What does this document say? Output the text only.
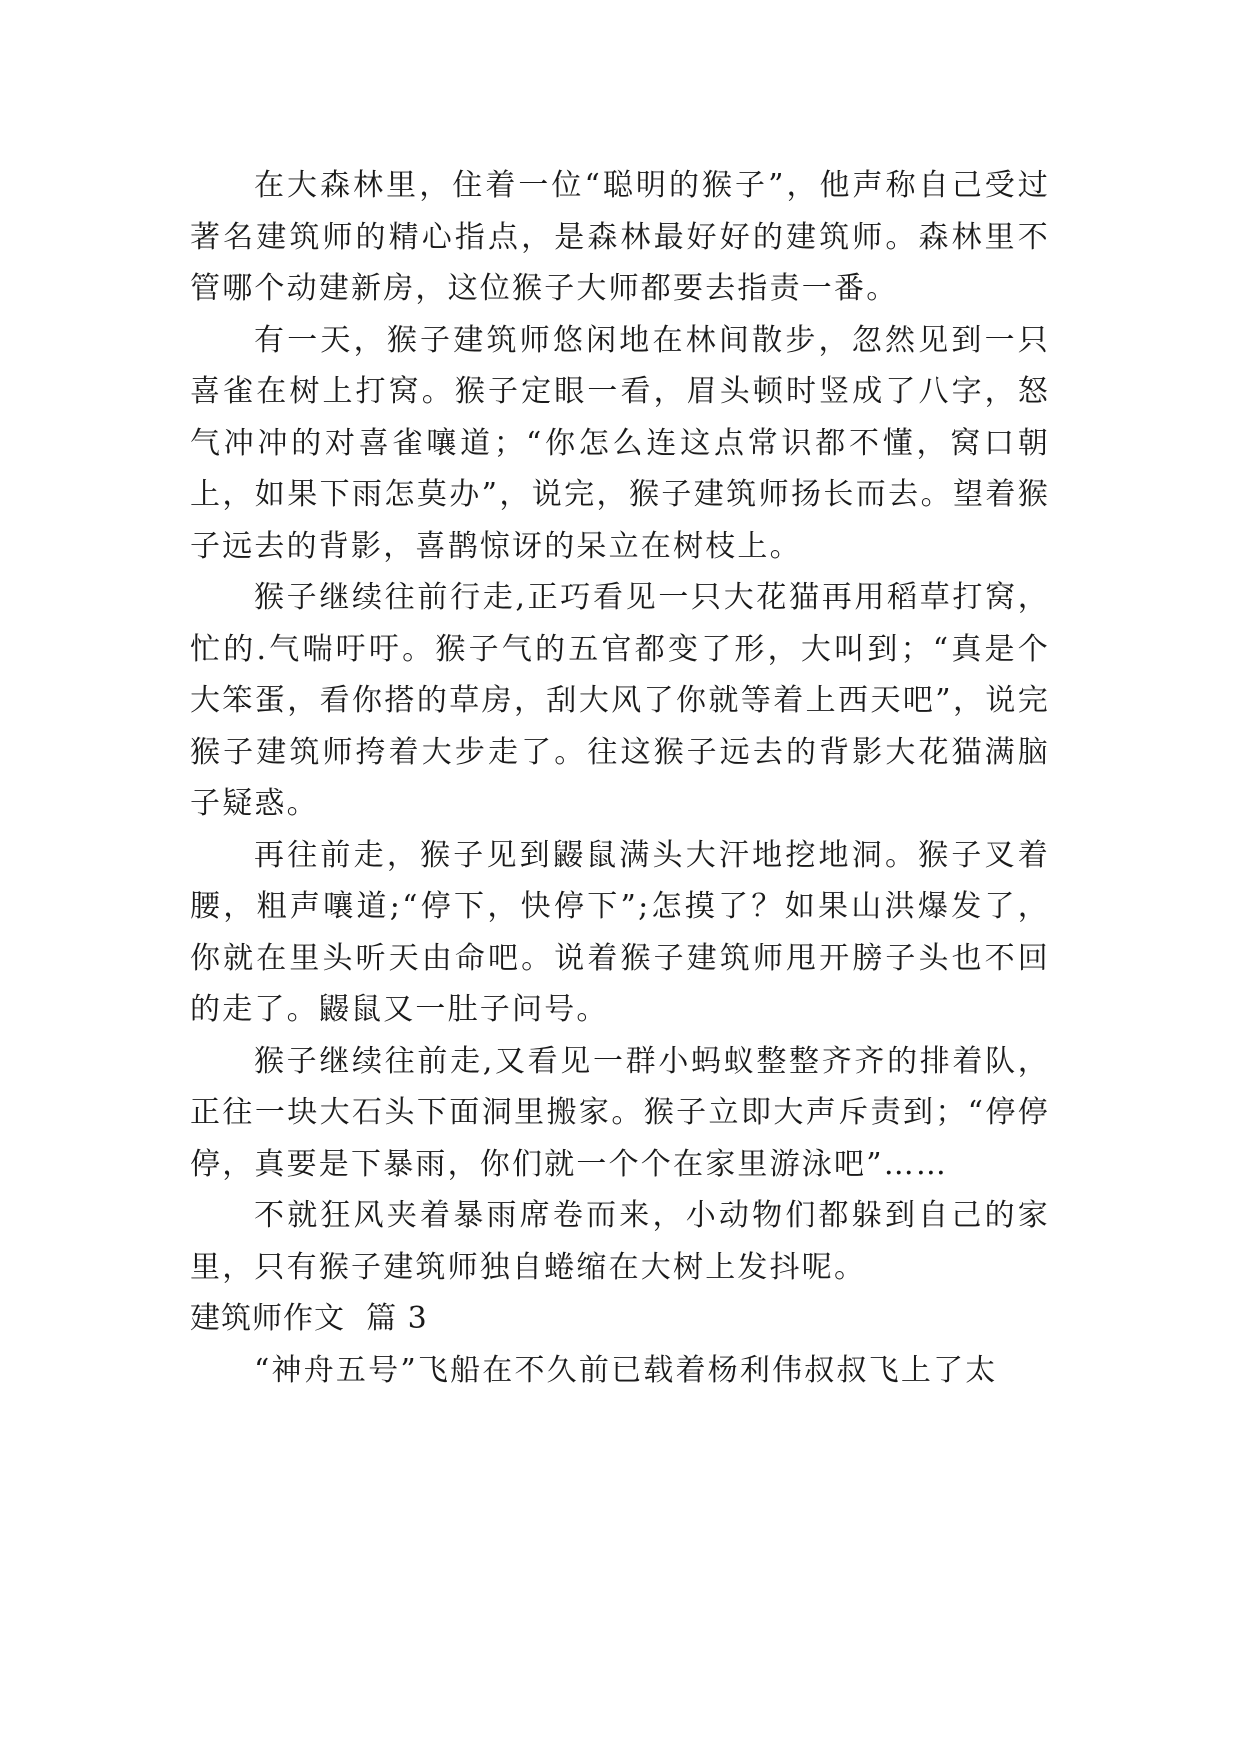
在大森林里，住着一位“聪明的猴子”，他声称自己受过著名建筑师的精心指点，是森林最好好的建筑师。森林里不管哪个动建新房，这位猴子大师都要去指责一番。

有一天，猴子建筑师悠闲地在林间散步，忽然见到一只喜雀在树上打窝。猴子定眼一看，眉头顿时竖成了八字，怒气冲冲的对喜雀嚷道；“你怎么连这点常识都不懂，窝口朝上，如果下雨怎莫办”，说完，猴子建筑师扬长而去。望着猴子远去的背影，喜鹊惊讶的呆立在树枝上。

猴子继续往前行走,正巧看见一只大花猫再用稻草打窝，忙的.气喘吁吁。猴子气的五官都变了形，大叫到；“真是个大笨蛋，看你搭的草房，刮大风了你就等着上西天吧”，说完猴子建筑师挎着大步走了。往这猴子远去的背影大花猫满脑子疑惑。

再往前走，猴子见到鼹鼠满头大汗地挖地洞。猴子叉着腰，粗声嚷道;“停下，快停下”;怎摸了？如果山洪爆发了，你就在里头听天由命吧。说着猴子建筑师甩开膀子头也不回的走了。鼹鼠又一肚子问号。

猴子继续往前走,又看见一群小蚂蚁整整齐齐的排着队，正往一块大石头下面洞里搬家。猴子立即大声斥责到；“停停停，真要是下暴雨，你们就一个个在家里游泳吧”……

不就狂风夹着暴雨席卷而来，小动物们都躲到自己的家里，只有猴子建筑师独自蜷缩在大树上发抖呢。

建筑师作文  篇 3

“神舟五号”飞船在不久前已载着杨利伟叔叔飞上了太
